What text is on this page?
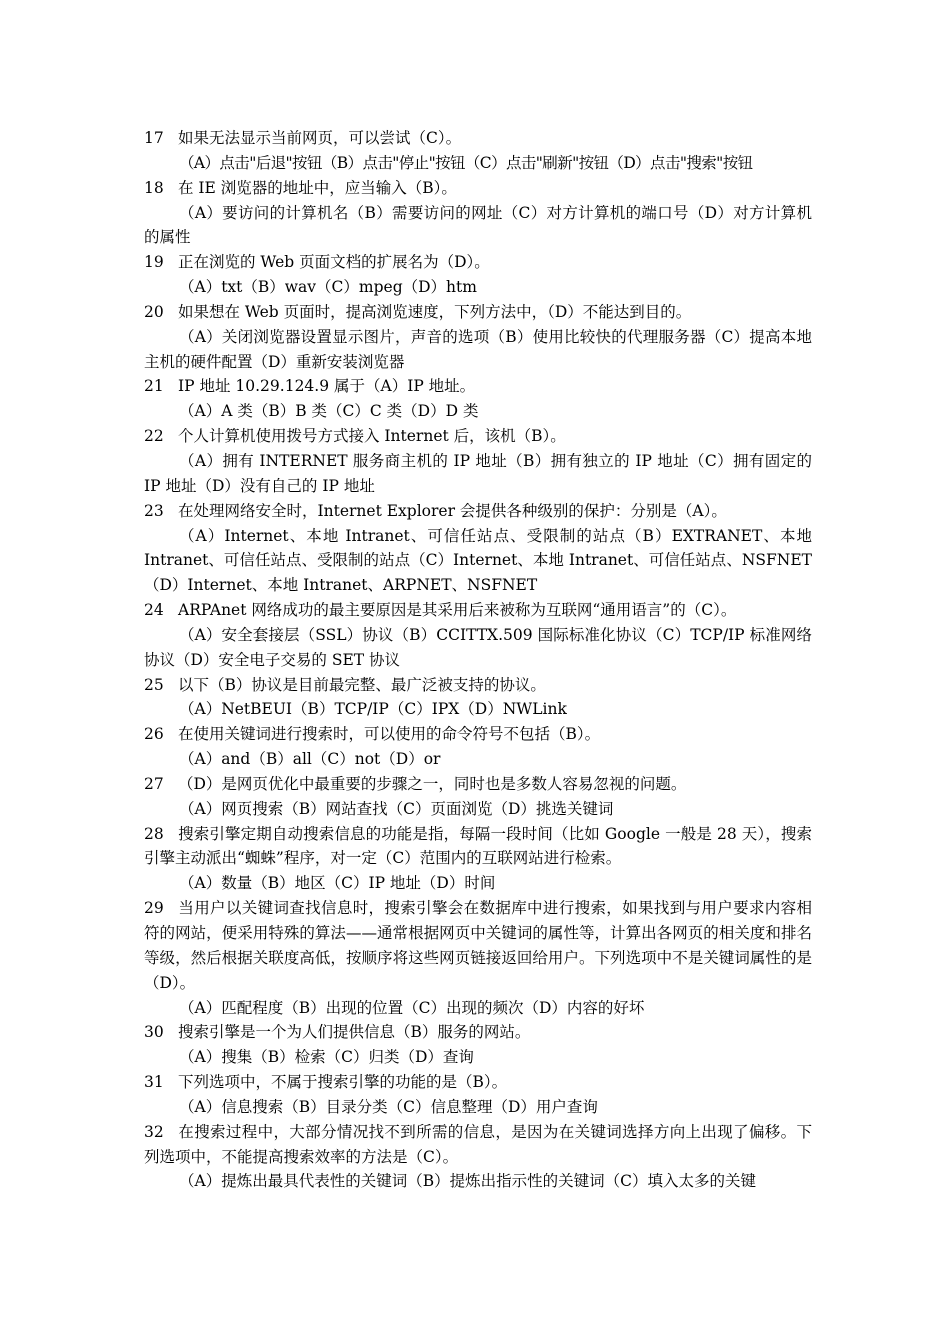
17 如果无法显示当前网页，可以尝试（C）。

（A）点击"后退"按钮（B）点击"停止"按钮（C）点击"刷新"按钮（D）点击"搜索"按钮

18 在 IE 浏览器的地址中，应当输入（B）。

（A）要访问的计算机名（B）需要访问的网址（C）对方计算机的端口号（D）对方计算机的属性

19 正在浏览的 Web 页面文档的扩展名为（D）。

（A）txt（B）wav（C）mpeg（D）htm

20 如果想在 Web 页面时，提高浏览速度，下列方法中，（D）不能达到目的。

（A）关闭浏览器设置显示图片，声音的选项（B）使用比较快的代理服务器（C）提高本地主机的硬件配置（D）重新安装浏览器

21 IP 地址 10.29.124.9 属于（A）IP 地址。

（A）A 类（B）B 类（C）C 类（D）D 类

22 个人计算机使用拨号方式接入 Internet 后，该机（B）。

（A）拥有 INTERNET 服务商主机的 IP 地址（B）拥有独立的 IP 地址（C）拥有固定的 IP 地址（D）没有自己的 IP 地址

23 在处理网络安全时，Internet Explorer 会提供各种级别的保护：分别是（A）。

（A）Internet、本地 Intranet、可信任站点、受限制的站点（B）EXTRANET、本地 Intranet、可信任站点、受限制的站点（C）Internet、本地 Intranet、可信任站点、NSFNET（D）Internet、本地 Intranet、ARPNET、NSFNET

24 ARPAnet 网络成功的最主要原因是其采用后来被称为互联网“通用语言”的（C）。

（A）安全套接层（SSL）协议（B）CCITTX.509 国际标准化协议（C）TCP/IP 标准网络协议（D）安全电子交易的 SET 协议

25 以下（B）协议是目前最完整、最广泛被支持的协议。

（A）NetBEUI（B）TCP/IP（C）IPX（D）NWLink

26 在使用关键词进行搜索时，可以使用的命令符号不包括（B）。

（A）and（B）all（C）not（D）or

27 （D）是网页优化中最重要的步骤之一，同时也是多数人容易忽视的问题。

（A）网页搜索（B）网站查找（C）页面浏览（D）挑选关键词

28 搜索引擎定期自动搜索信息的功能是指，每隔一段时间（比如 Google 一般是 28 天），搜索引擎主动派出“蜘蛛”程序，对一定（C）范围内的互联网站进行检索。

（A）数量（B）地区（C）IP 地址（D）时间

29 当用户以关键词查找信息时，搜索引擎会在数据库中进行搜索，如果找到与用户要求内容相符的网站，便采用特殊的算法——通常根据网页中关键词的属性等，计算出各网页的相关度和排名等级，然后根据关联度高低，按顺序将这些网页链接返回给用户。下列选项中不是关键词属性的是（D）。

（A）匹配程度（B）出现的位置（C）出现的频次（D）内容的好坏

30 搜索引擎是一个为人们提供信息（B）服务的网站。

（A）搜集（B）检索（C）归类（D）查询

31 下列选项中，不属于搜索引擎的功能的是（B）。

（A）信息搜索（B）目录分类（C）信息整理（D）用户查询

32 在搜索过程中，大部分情况找不到所需的信息，是因为在关键词选择方向上出现了偏移。下列选项中，不能提高搜索效率的方法是（C）。

（A）提炼出最具代表性的关键词（B）提炼出指示性的关键词（C）填入太多的关键
